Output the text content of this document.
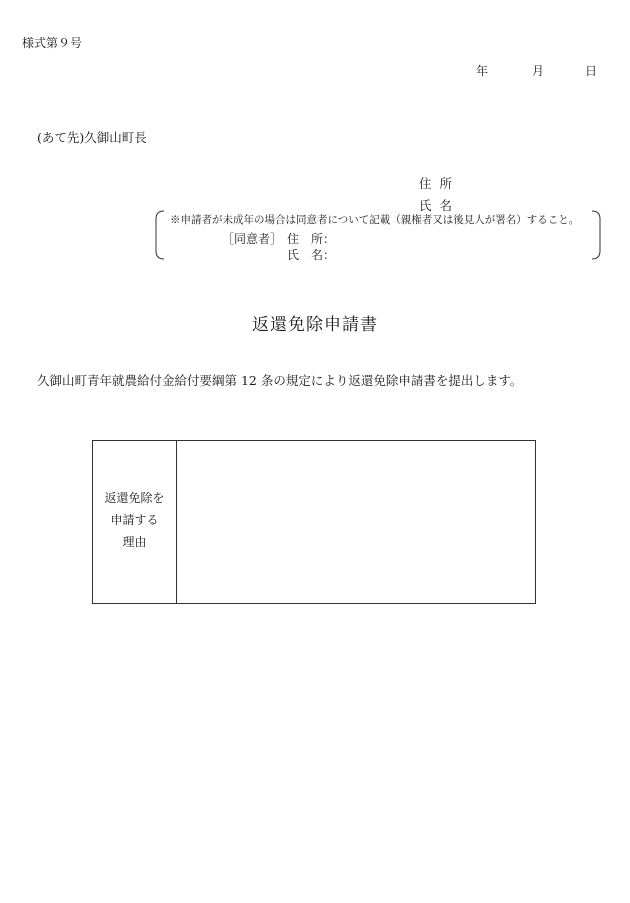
様式第９号
年	月	日
(あて先)久御山町長
住所
氏名
※申請者が未成年の場合は同意者について記載（親権者又は後見人が署名）すること。
［同意者］ 住　所：
氏　名：
返還免除申請書
久御山町青年就農給付金給付要綱第 12 条の規定により返還免除申請書を提出します。
返還免除を
申請する
理由
